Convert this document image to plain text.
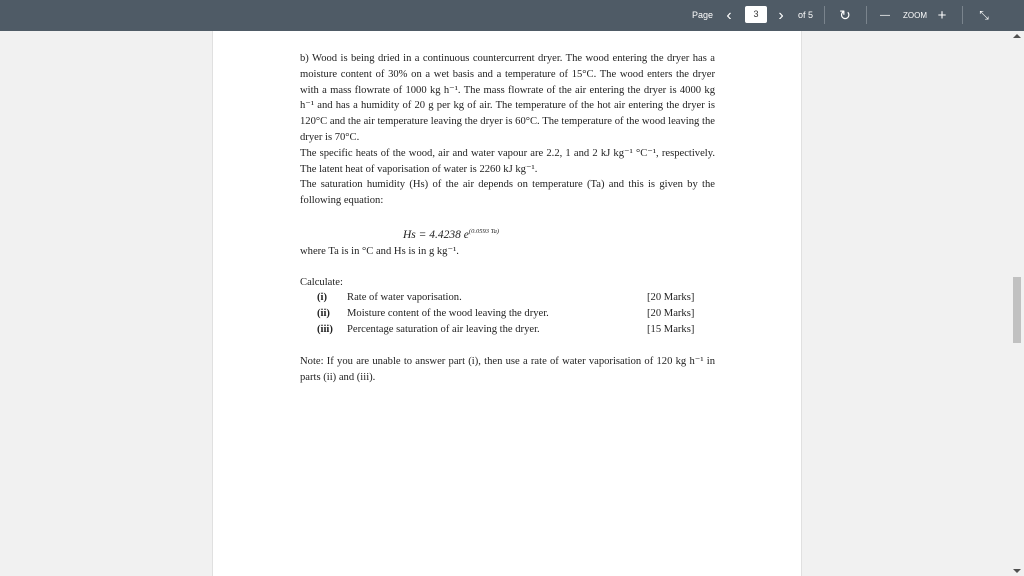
Page ‹	3	›	of 5 ↻	— ZOOM +	⤡

b) Wood is being dried in a continuous countercurrent dryer. The wood entering the dryer has a moisture content of 30% on a wet basis and a temperature of 15°C. The wood enters the dryer with a mass flowrate of 1000 kg h⁻¹. The mass flowrate of the air entering the dryer is 4000 kg h⁻¹ and has a humidity of 20 g per kg of air. The temperature of the hot air entering the dryer is 120°C and the air temperature leaving the dryer is 60°C. The temperature of the wood leaving the dryer is 70°C.

The specific heats of the wood, air and water vapour are 2.2, 1 and 2 kJ kg⁻¹ °C⁻¹, respectively. The latent heat of vaporisation of water is 2260 kJ kg⁻¹.

The saturation humidity (Hs) of the air depends on temperature (Ta) and this is given by the following equation:

Hs = 4.4238 $e^{(0.0593 Ta)}$

where Ta is in °C and Hs is in g kg⁻¹.

Calculate:
(i) Rate of water vaporisation.	[20 Marks]
(ii) Moisture content of the wood leaving the dryer.	[20 Marks]
(iii) Percentage saturation of air leaving the dryer.	[15 Marks]

Note: If you are unable to answer part (i), then use a rate of water vaporisation of 120 kg h⁻¹ in parts (ii) and (iii).
